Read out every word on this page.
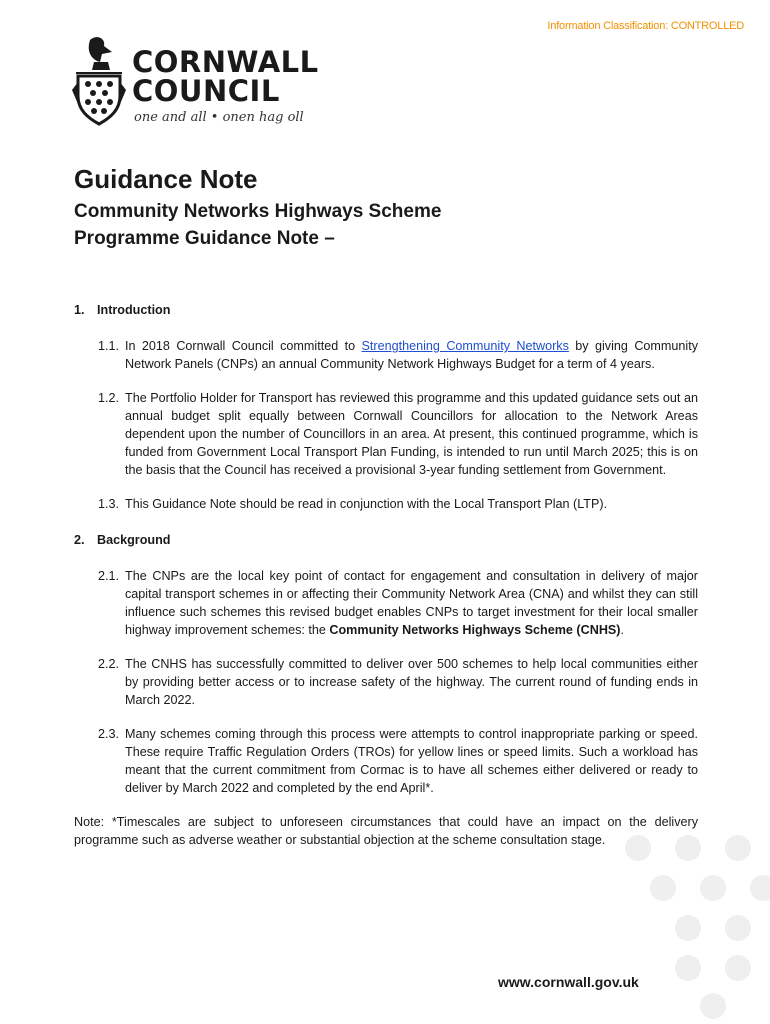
Information Classification: CONTROLLED
CORNWALL
COUNCIL
one and all • onen hag oll
Guidance Note
Community Networks Highways Scheme
Programme Guidance Note –
1. Introduction
1.1. In 2018 Cornwall Council committed to Strengthening Community Networks by giving Community Network Panels (CNPs) an annual Community Network Highways Budget for a term of 4 years.
1.2. The Portfolio Holder for Transport has reviewed this programme and this updated guidance sets out an annual budget split equally between Cornwall Councillors for allocation to the Network Areas dependent upon the number of Councillors in an area. At present, this continued programme, which is funded from Government Local Transport Plan Funding, is intended to run until March 2025; this is on the basis that the Council has received a provisional 3-year funding settlement from Government.
1.3. This Guidance Note should be read in conjunction with the Local Transport Plan (LTP).
2. Background
2.1. The CNPs are the local key point of contact for engagement and consultation in delivery of major capital transport schemes in or affecting their Community Network Area (CNA) and whilst they can still influence such schemes this revised budget enables CNPs to target investment for their local smaller highway improvement schemes: the Community Networks Highways Scheme (CNHS).
2.2. The CNHS has successfully committed to deliver over 500 schemes to help local communities either by providing better access or to increase safety of the highway. The current round of funding ends in March 2022.
2.3. Many schemes coming through this process were attempts to control inappropriate parking or speed. These require Traffic Regulation Orders (TROs) for yellow lines or speed limits. Such a workload has meant that the current commitment from Cormac is to have all schemes either delivered or ready to deliver by March 2022 and completed by the end April*.

Note: *Timescales are subject to unforeseen circumstances that could have an impact on the delivery programme such as adverse weather or substantial objection at the scheme consultation stage.

www.cornwall.gov.uk
